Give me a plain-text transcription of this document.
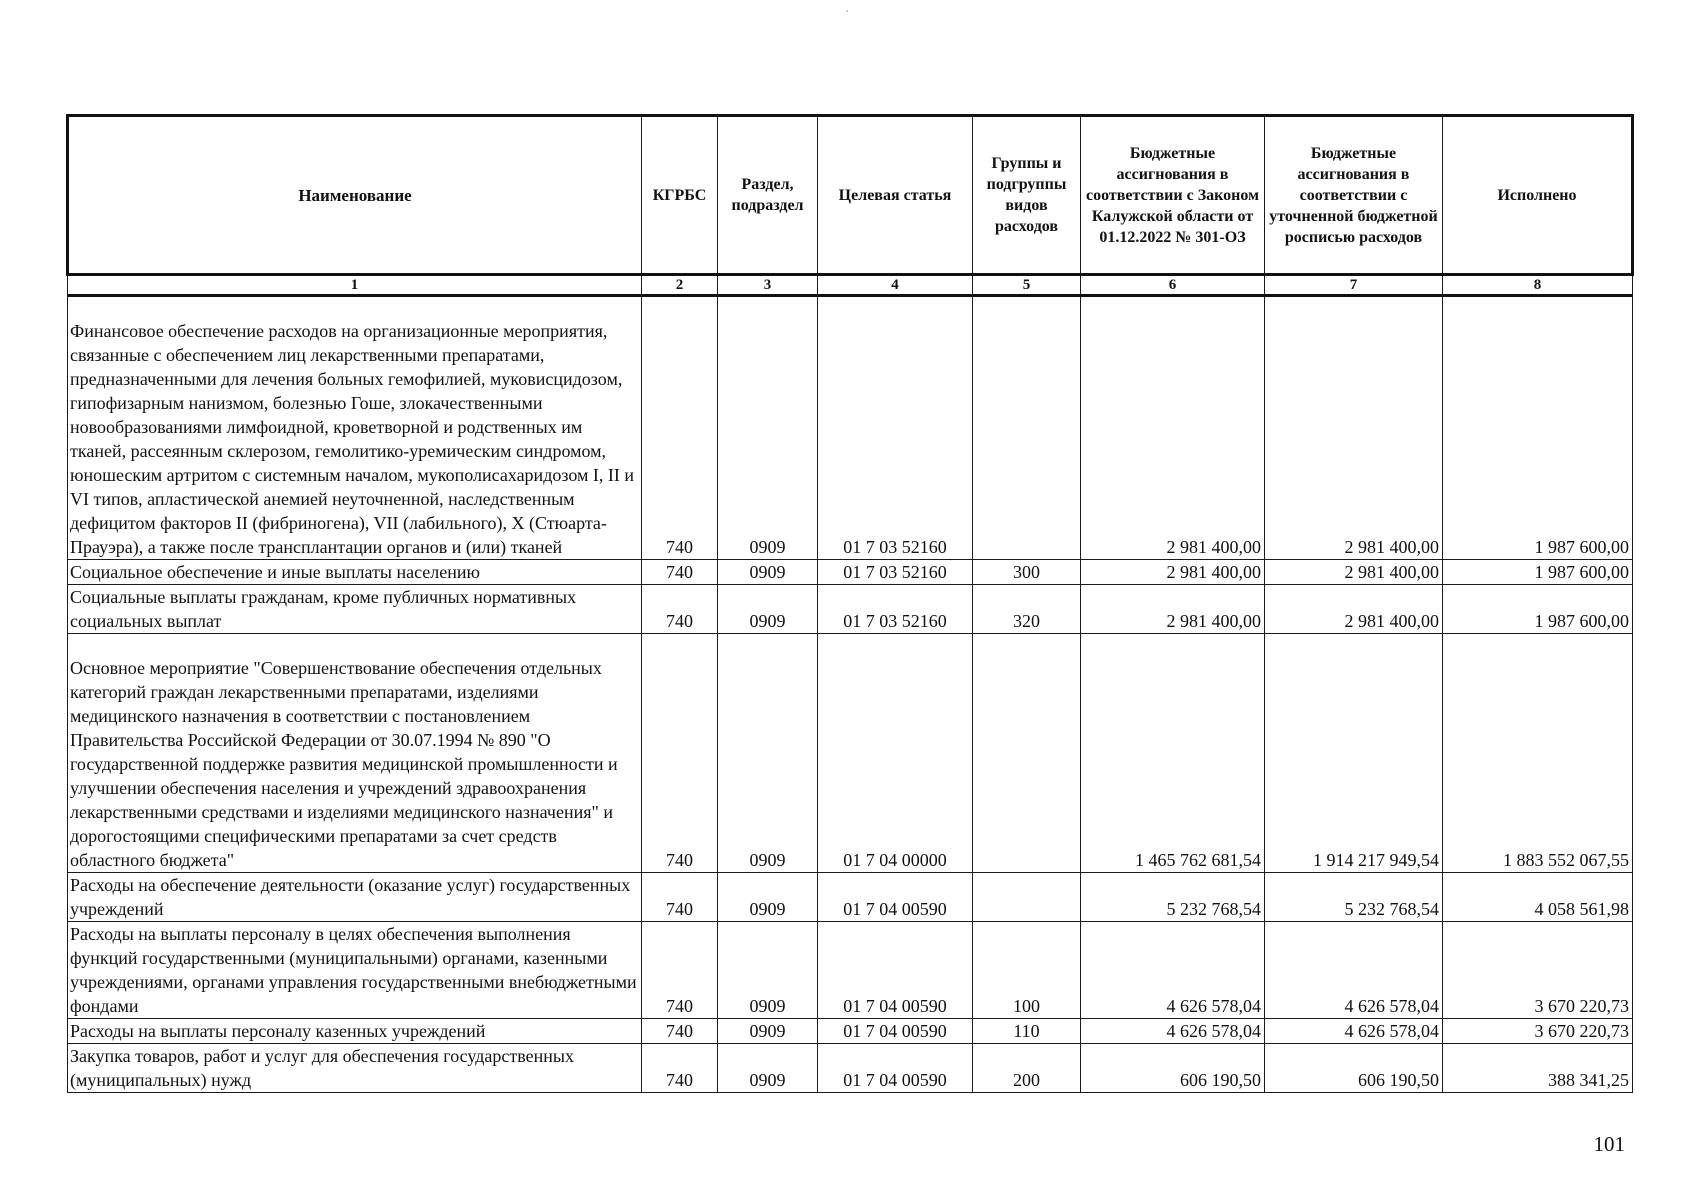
Наименование	КГРБС	Раздел, подраздел	Целевая статья	Группы и подгруппы видов расходов	Бюджетные ассигнования в соответствии с Законом Калужской области от 01.12.2022 № 301-ОЗ	Бюджетные ассигнования в соответствии с уточненной бюджетной росписью расходов	Исполнено
1	2	3	4	5	6	7	8
Финансовое обеспечение расходов на организационные мероприятия, связанные с обеспечением лиц лекарственными препаратами, предназначенными для лечения больных гемофилией, муковисцидозом, гипофизарным нанизмом, болезнью Гоше, злокачественными новообразованиями лимфоидной, кроветворной и родственных им тканей, рассеянным склерозом, гемолитико-уремическим синдромом, юношеским артритом с системным началом, мукополисахаридозом I, II и VI типов, апластической анемией неуточненной, наследственным дефицитом факторов II (фибриногена), VII (лабильного), X (Стюарта-Прауэра), а также после трансплантации органов и (или) тканей	740	0909	01 7 03 52160		2 981 400,00	2 981 400,00	1 987 600,00
Социальное обеспечение и иные выплаты населению	740	0909	01 7 03 52160	300	2 981 400,00	2 981 400,00	1 987 600,00
Социальные выплаты гражданам, кроме публичных нормативных социальных выплат	740	0909	01 7 03 52160	320	2 981 400,00	2 981 400,00	1 987 600,00
Основное мероприятие "Совершенствование обеспечения отдельных категорий граждан лекарственными препаратами, изделиями медицинского назначения в соответствии с постановлением Правительства Российской Федерации от 30.07.1994 № 890 "О государственной поддержке развития медицинской промышленности и улучшении обеспечения населения и учреждений здравоохранения лекарственными средствами и изделиями медицинского назначения" и дорогостоящими специфическими препаратами за счет средств областного бюджета"	740	0909	01 7 04 00000		1 465 762 681,54	1 914 217 949,54	1 883 552 067,55
Расходы на обеспечение деятельности (оказание услуг) государственных учреждений	740	0909	01 7 04 00590		5 232 768,54	5 232 768,54	4 058 561,98
Расходы на выплаты персоналу в целях обеспечения выполнения функций государственными (муниципальными) органами, казенными учреждениями, органами управления государственными внебюджетными фондами	740	0909	01 7 04 00590	100	4 626 578,04	4 626 578,04	3 670 220,73
Расходы на выплаты персоналу казенных учреждений	740	0909	01 7 04 00590	110	4 626 578,04	4 626 578,04	3 670 220,73
Закупка товаров, работ и услуг для обеспечения государственных (муниципальных) нужд	740	0909	01 7 04 00590	200	606 190,50	606 190,50	388 341,25
101
